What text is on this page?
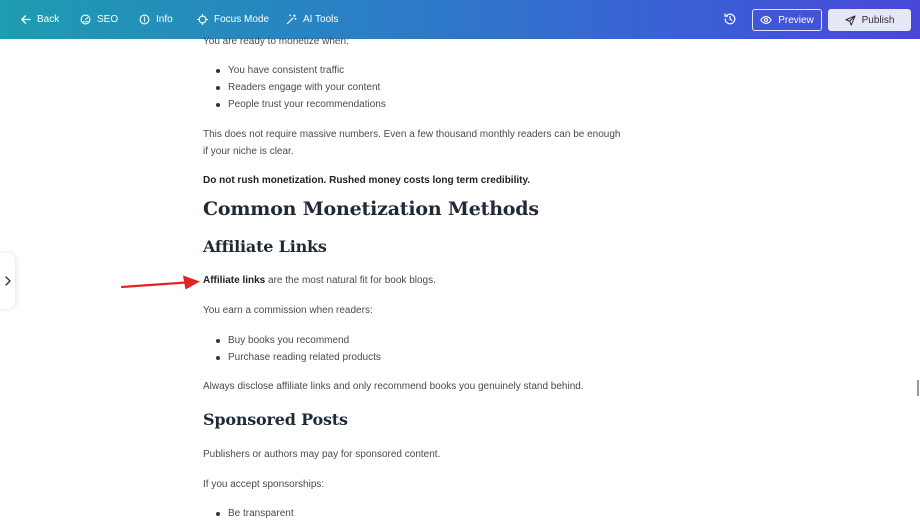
Back	SEO	Info	Focus Mode	AI Tools	Preview	Publish
You are ready to monetize when:
You have consistent traffic
Readers engage with your content
People trust your recommendations
This does not require massive numbers. Even a few thousand monthly readers can be enough if your niche is clear.
Do not rush monetization. Rushed money costs long term credibility.
Common Monetization Methods
Affiliate Links
Affiliate links are the most natural fit for book blogs.
You earn a commission when readers:
Buy books you recommend
Purchase reading related products
Always disclose affiliate links and only recommend books you genuinely stand behind.
Sponsored Posts
Publishers or authors may pay for sponsored content.
If you accept sponsorships:
Be transparent
